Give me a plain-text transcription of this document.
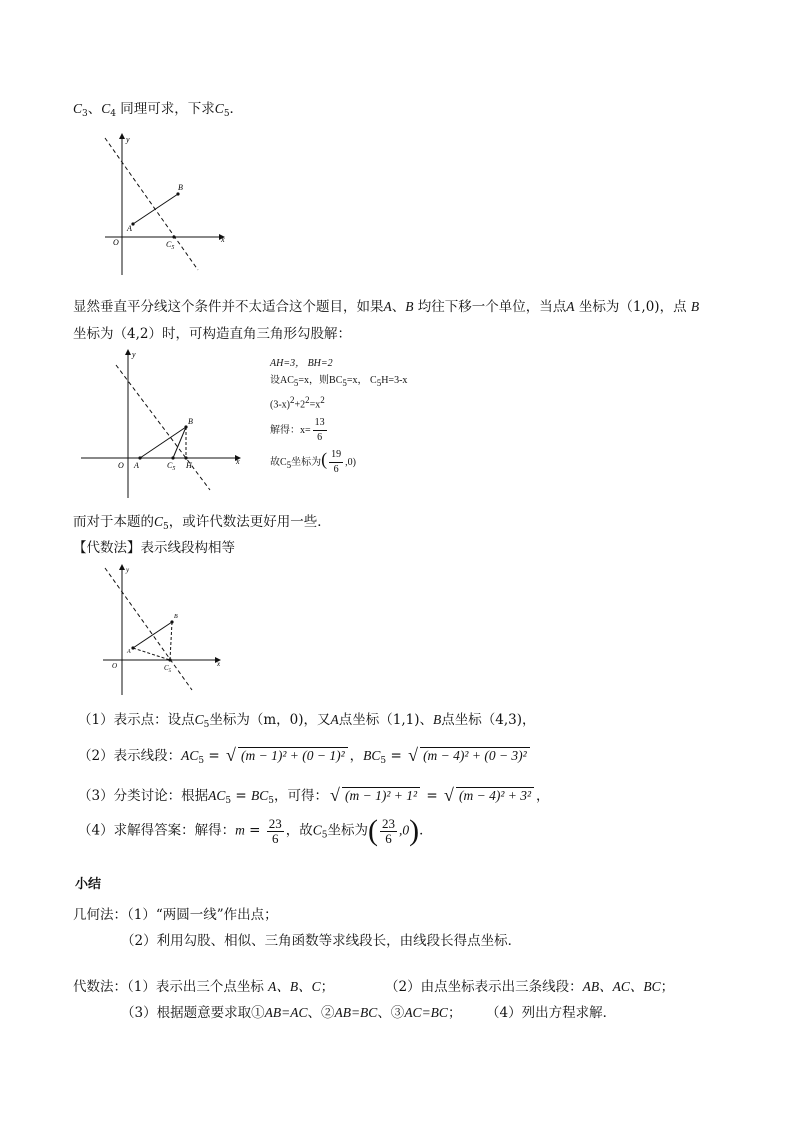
$C_3$、$C_4$ 同理可求，下求$C_5$．
y
x
O
A
B
$C_5$
显然垂直平分线这个条件并不太适合这个题目，如果A、B 均往下移一个单位，当点A 坐标为（1,0)，点 B
坐标为（4,2）时，可构造直角三角形勾股解：
y
x
O A
B
$C_5$ H
AH=3， BH=2
设$AC_5=x$，则$BC_5=x$， $C_5H=3-x$
$(3-x)^2+2^2=x^2$
解得：$x= \frac{13}{6}$
故$C_5$坐标为( $\frac{19}{6} ,0$)
而对于本题的$C_5$，或许代数法更好用一些．
【代数法】表示线段构相等
y
x
O
A
B
$C_5$
（1）表示点：设点$C_5$坐标为（m，0)，又A点坐标（1,1)、B点坐标（4,3)，
（2）表示线段：$AC_5$ = √ (m − 1)² + (0 − 1)² ，$BC_5$ = √ (m − 4)² + (0 − 3)²
（3）分类讨论：根据$AC_5 = BC_5$，可得：√ (m − 1)² + 1² = √ (m − 4)² + 3² ，
（4）求解得答案：解得：$m = \frac{23}{6}$ ，故$C_5$坐标为( $\frac{23}{6} ,0$)．
小结
几何法：（1）“两圆一线”作出点；
（2）利用勾股、相似、三角函数等求线段长，由线段长得点坐标．
代数法：（1）表示出三个点坐标 A、B、C；	（2）由点坐标表示出三条线段：AB、AC、BC；
（3）根据题意要求取①AB=AC、②AB=BC、③AC=BC； （4）列出方程求解．
